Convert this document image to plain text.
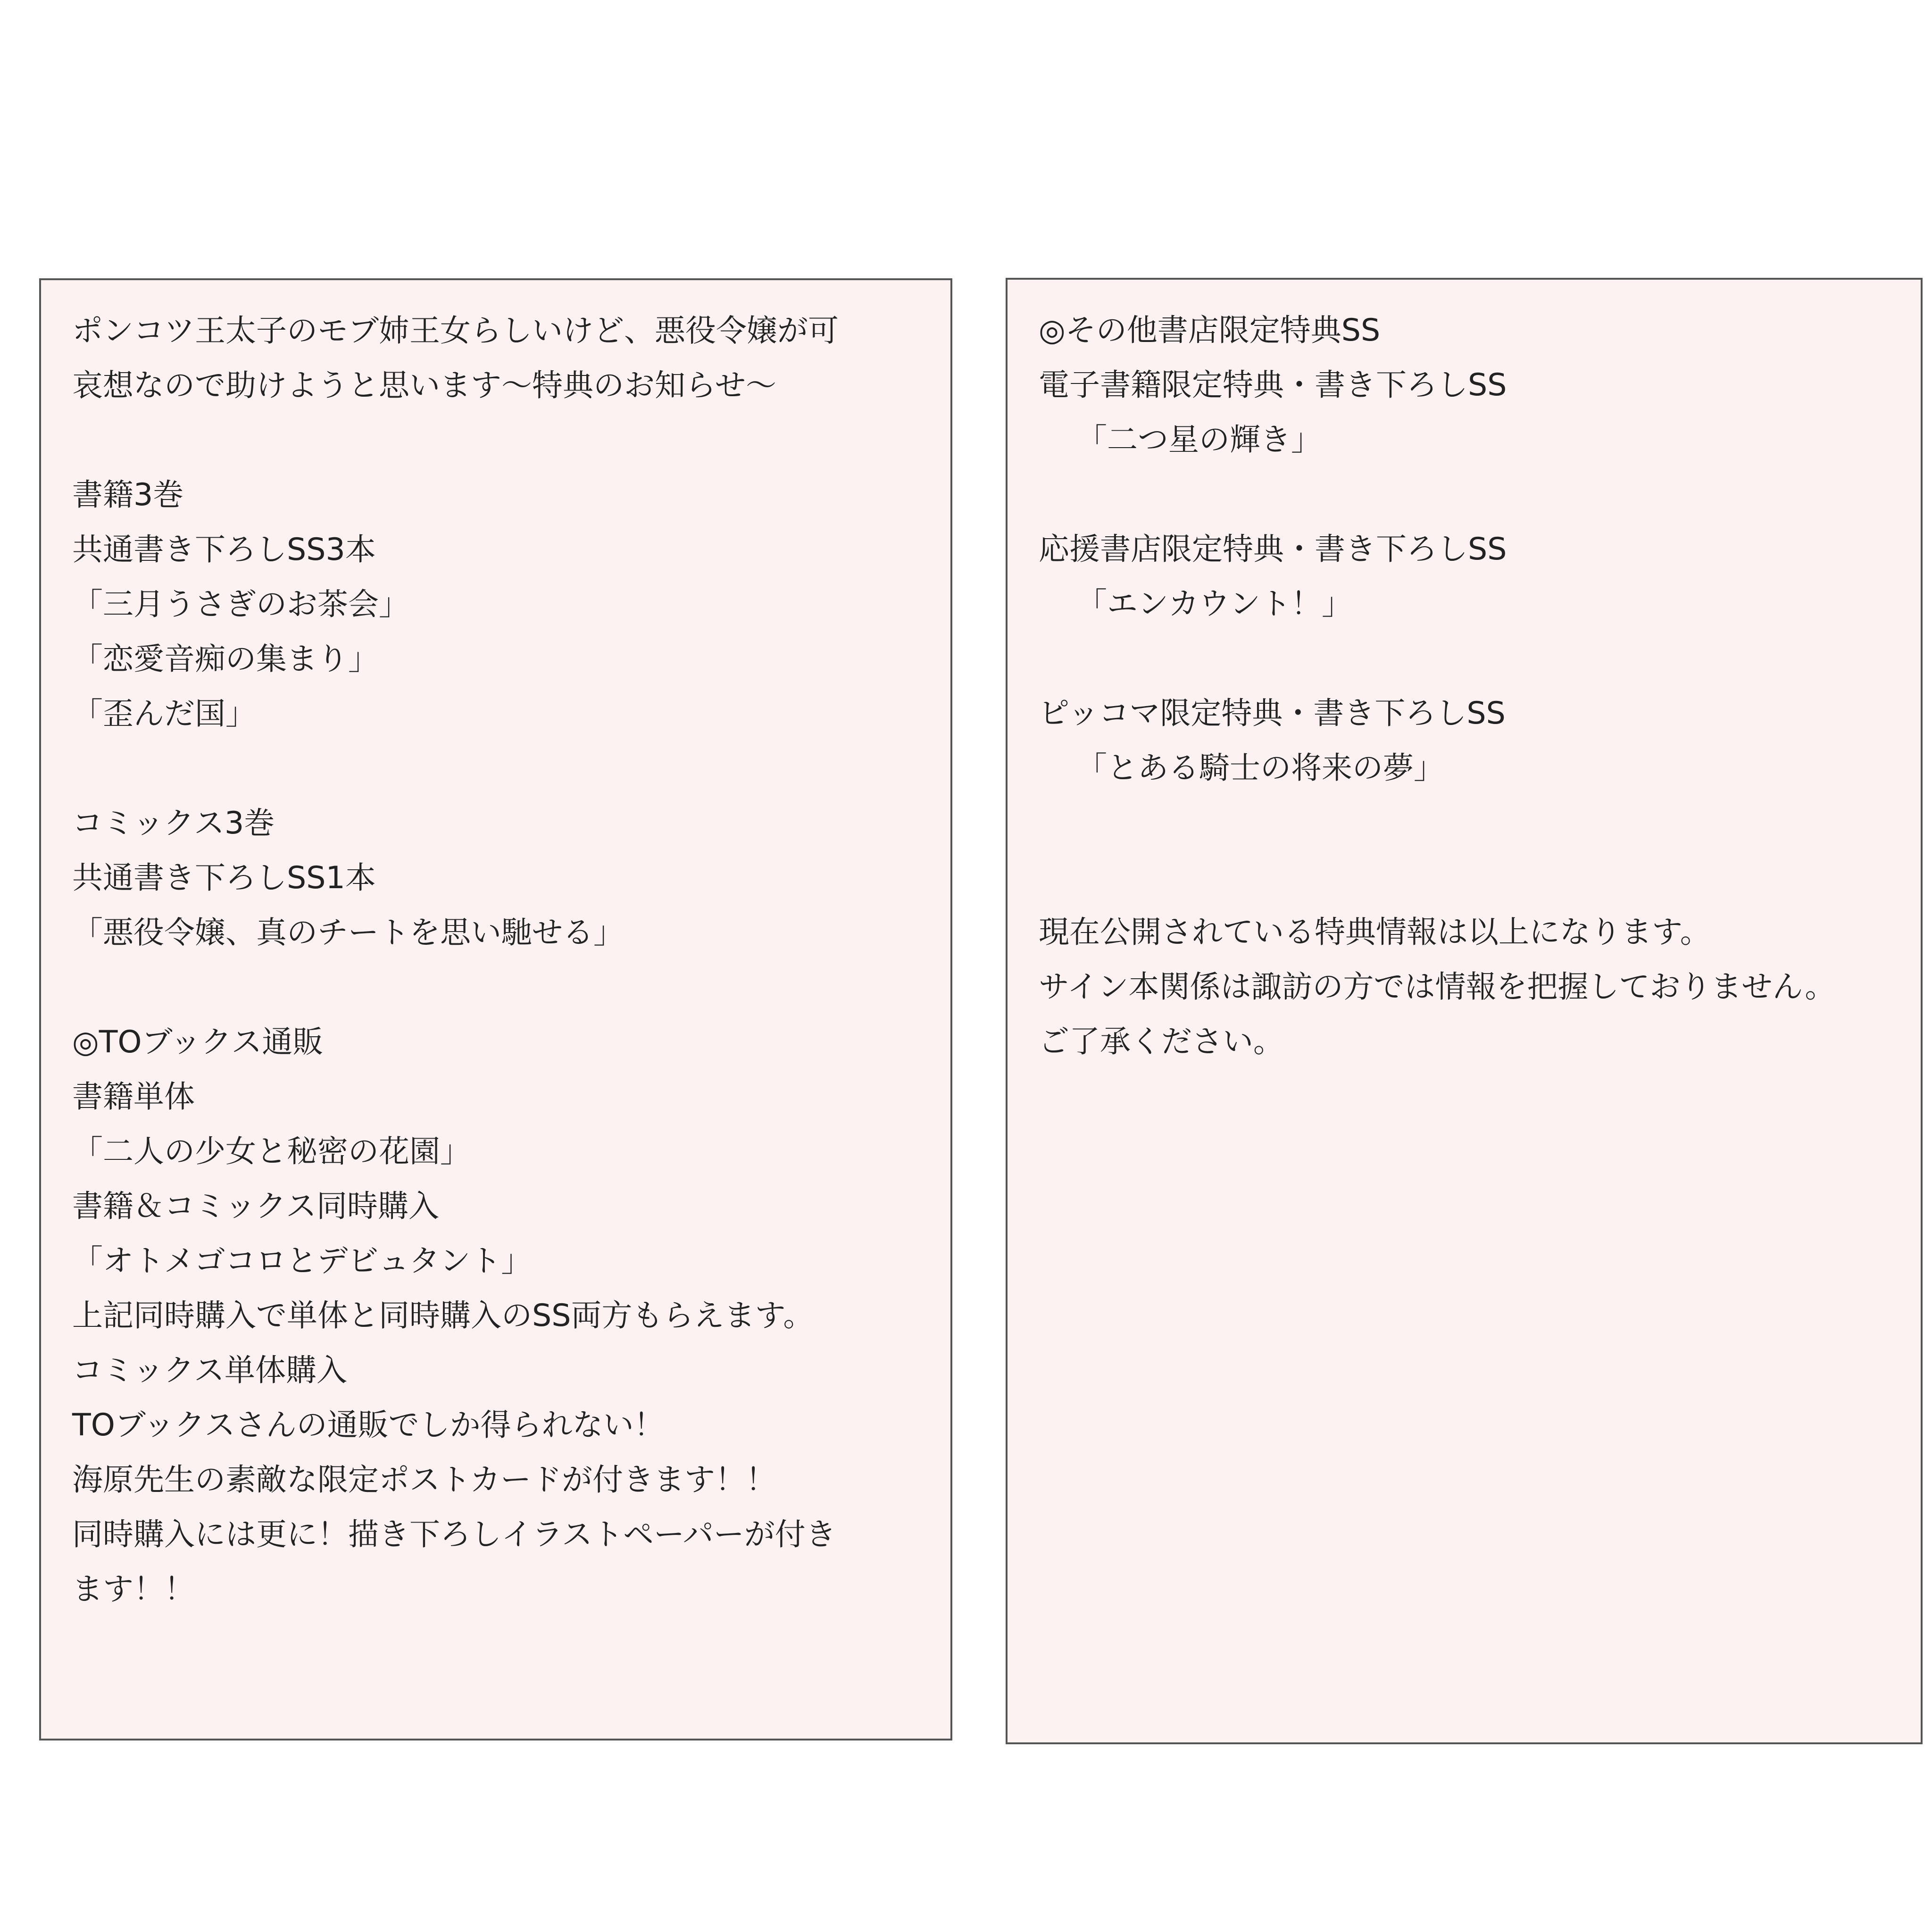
ポンコツ王太子のモブ姉王女らしいけど、悪役令嬢が可
哀想なので助けようと思います～特典のお知らせ～
書籍3巻
共通書き下ろしSS3本
「三月うさぎのお茶会」
「恋愛音痴の集まり」
「歪んだ国」
コミックス3巻
共通書き下ろしSS1本
「悪役令嬢、真のチートを思い馳せる」
◎TOブックス通販
書籍単体
「二人の少女と秘密の花園」
書籍＆コミックス同時購入
「オトメゴコロとデビュタント」
上記同時購入で単体と同時購入のSS両方もらえます。
コミックス単体購入
TOブックスさんの通販でしか得られない！
海原先生の素敵な限定ポストカードが付きます！！
同時購入には更に！描き下ろしイラストペーパーが付き
ます！！
◎その他書店限定特典SS
電子書籍限定特典・書き下ろしSS
「二つ星の輝き」
応援書店限定特典・書き下ろしSS
「エンカウント！」
ピッコマ限定特典・書き下ろしSS
「とある騎士の将来の夢」
現在公開されている特典情報は以上になります。
サイン本関係は諏訪の方では情報を把握しておりません。
ご了承ください。
